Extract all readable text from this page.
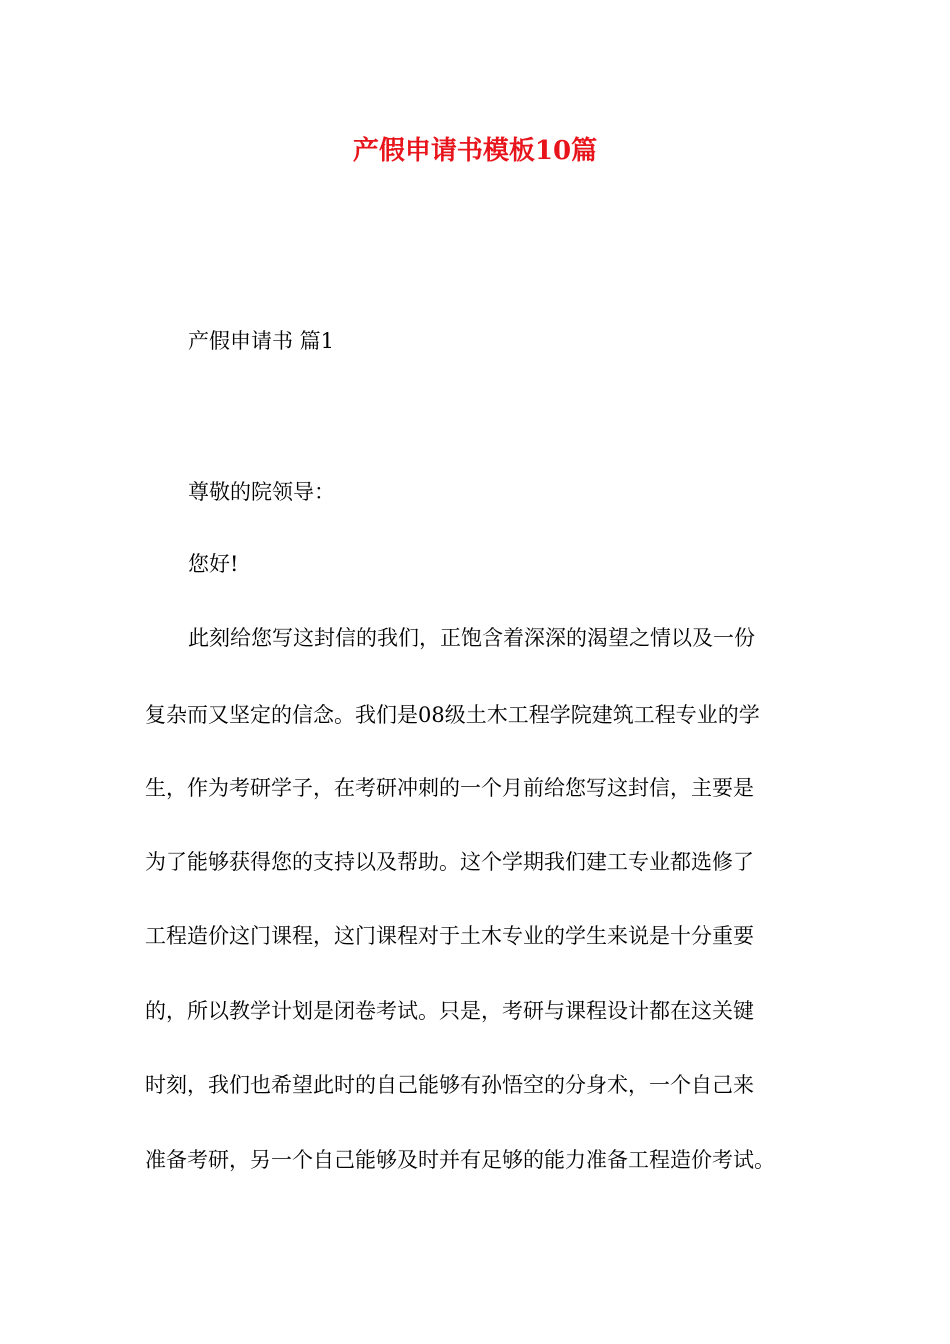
产假申请书模板10篇

产假申请书 篇1

尊敬的院领导：

您好!

此刻给您写这封信的我们，正饱含着深深的渴望之情以及一份

复杂而又坚定的信念。我们是08级土木工程学院建筑工程专业的学

生，作为考研学子，在考研冲刺的一个月前给您写这封信，主要是

为了能够获得您的支持以及帮助。这个学期我们建工专业都选修了

工程造价这门课程，这门课程对于土木专业的学生来说是十分重要

的，所以教学计划是闭卷考试。只是，考研与课程设计都在这关键

时刻，我们也希望此时的自己能够有孙悟空的分身术，一个自己来

准备考研，另一个自己能够及时并有足够的能力准备工程造价考试。
